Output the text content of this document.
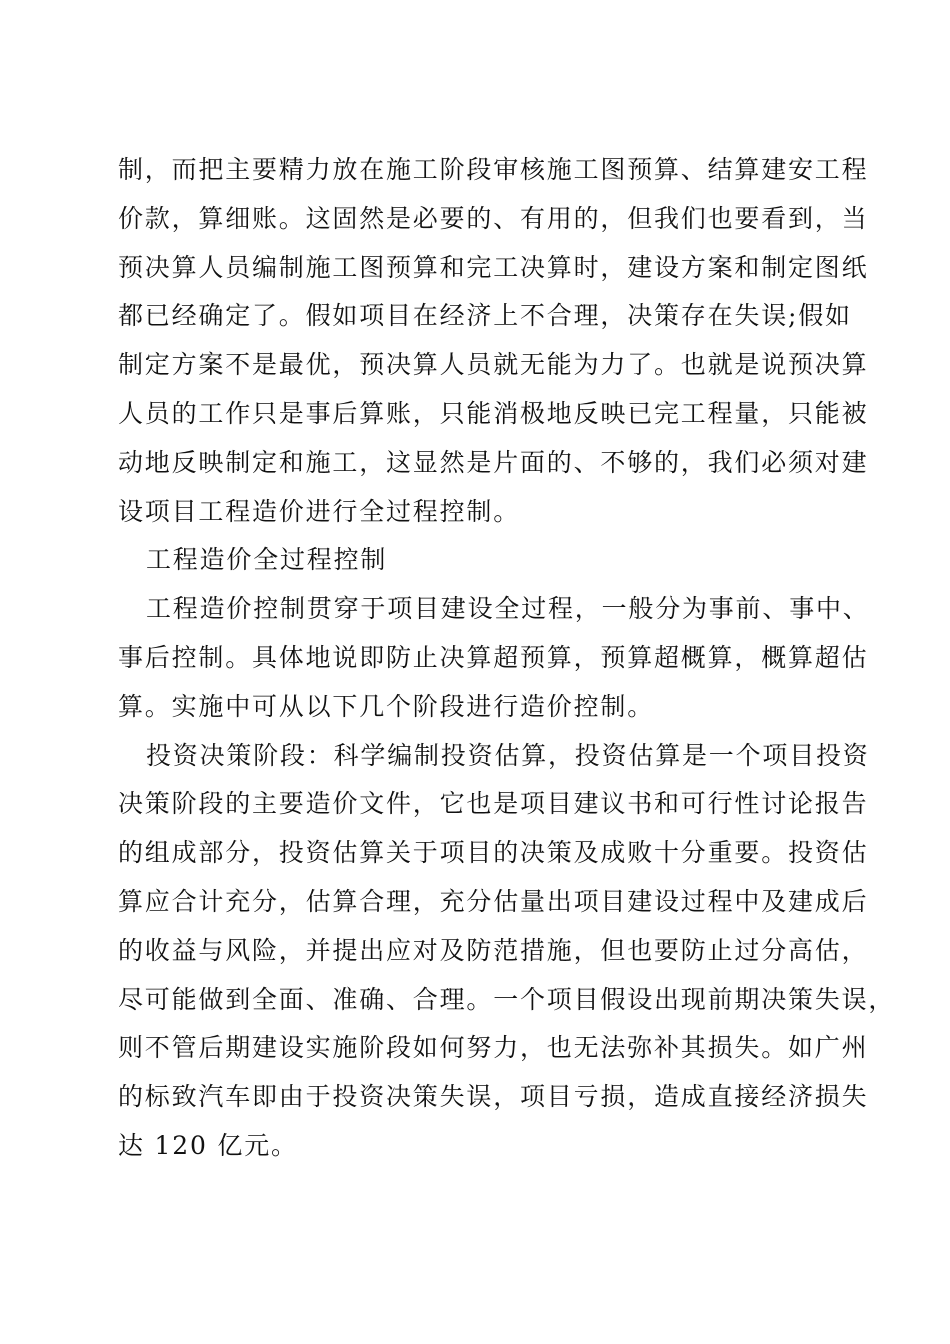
制，而把主要精力放在施工阶段审核施工图预算、结算建安工程
价款，算细账。这固然是必要的、有用的，但我们也要看到，当
预决算人员编制施工图预算和完工决算时，建设方案和制定图纸
都已经确定了。假如项目在经济上不合理，决策存在失误;假如
制定方案不是最优，预决算人员就无能为力了。也就是说预决算
人员的工作只是事后算账，只能消极地反映已完工程量，只能被
动地反映制定和施工，这显然是片面的、不够的，我们必须对建
设项目工程造价进行全过程控制。
工程造价全过程控制
工程造价控制贯穿于项目建设全过程，一般分为事前、事中、
事后控制。具体地说即防止决算超预算，预算超概算，概算超估
算。实施中可从以下几个阶段进行造价控制。
投资决策阶段：科学编制投资估算，投资估算是一个项目投资
决策阶段的主要造价文件，它也是项目建议书和可行性讨论报告
的组成部分，投资估算关于项目的决策及成败十分重要。投资估
算应合计充分，估算合理，充分估量出项目建设过程中及建成后
的收益与风险，并提出应对及防范措施，但也要防止过分高估，
尽可能做到全面、准确、合理。一个项目假设出现前期决策失误，
则不管后期建设实施阶段如何努力，也无法弥补其损失。如广州
的标致汽车即由于投资决策失误，项目亏损，造成直接经济损失
达 120 亿元。
